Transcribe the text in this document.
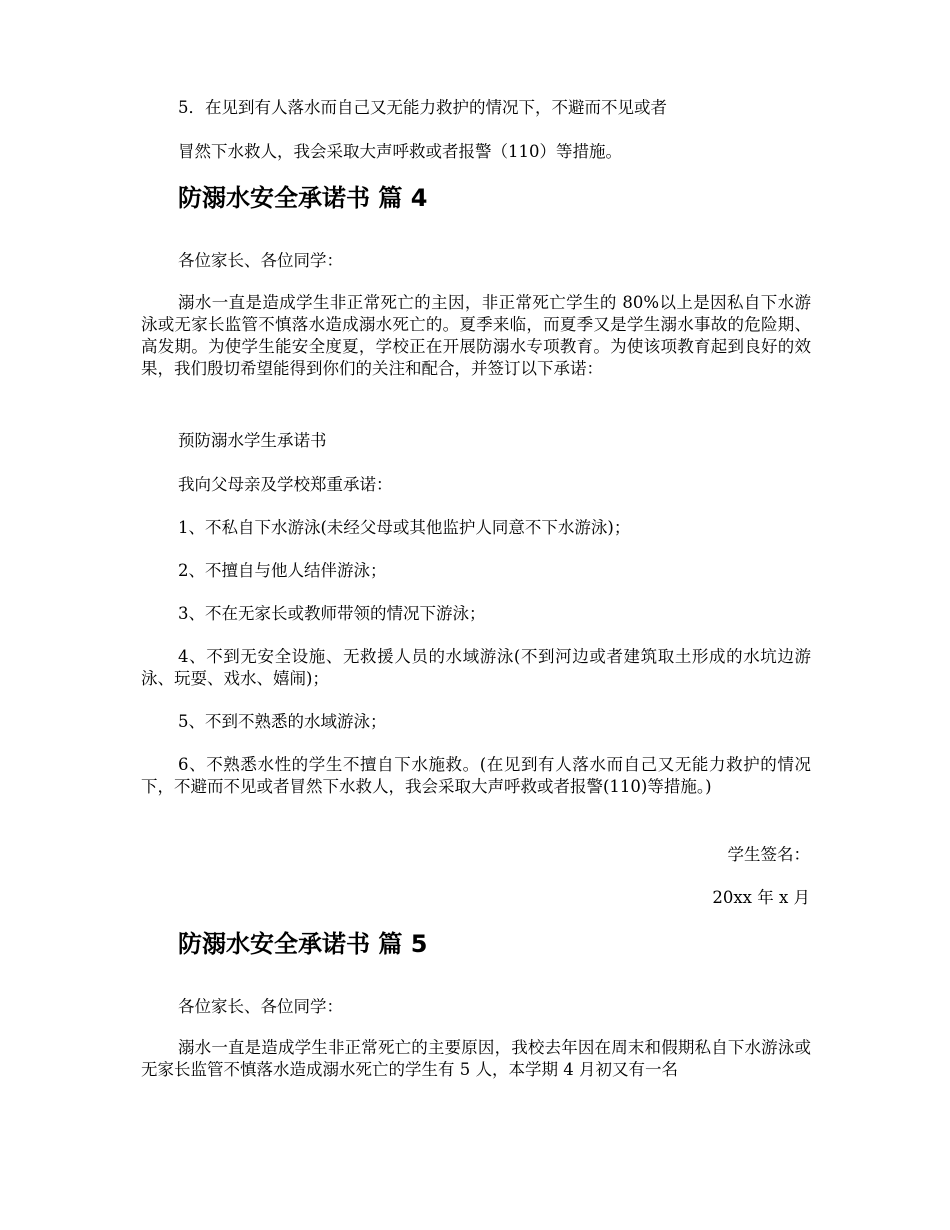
5．在见到有人落水而自己又无能力救护的情况下，不避而不见或者

冒然下水救人，我会采取大声呼救或者报警（110）等措施。

防溺水安全承诺书 篇 4

各位家长、各位同学：

溺水一直是造成学生非正常死亡的主因，非正常死亡学生的 80%以上是因私自下水游泳或无家长监管不慎落水造成溺水死亡的。夏季来临，而夏季又是学生溺水事故的危险期、高发期。为使学生能安全度夏，学校正在开展防溺水专项教育。为使该项教育起到良好的效果，我们殷切希望能得到你们的关注和配合，并签订以下承诺：

预防溺水学生承诺书

我向父母亲及学校郑重承诺：

1、不私自下水游泳(未经父母或其他监护人同意不下水游泳)；

2、不擅自与他人结伴游泳；

3、不在无家长或教师带领的情况下游泳；

4、不到无安全设施、无救援人员的水域游泳(不到河边或者建筑取土形成的水坑边游泳、玩耍、戏水、嬉闹)；

5、不到不熟悉的水域游泳；

6、不熟悉水性的学生不擅自下水施救。(在见到有人落水而自己又无能力救护的情况下，不避而不见或者冒然下水救人，我会采取大声呼救或者报警(110)等措施。)

学生签名：

20xx 年 x 月

防溺水安全承诺书 篇 5

各位家长、各位同学：

溺水一直是造成学生非正常死亡的主要原因，我校去年因在周末和假期私自下水游泳或无家长监管不慎落水造成溺水死亡的学生有 5 人，本学期 4 月初又有一名
